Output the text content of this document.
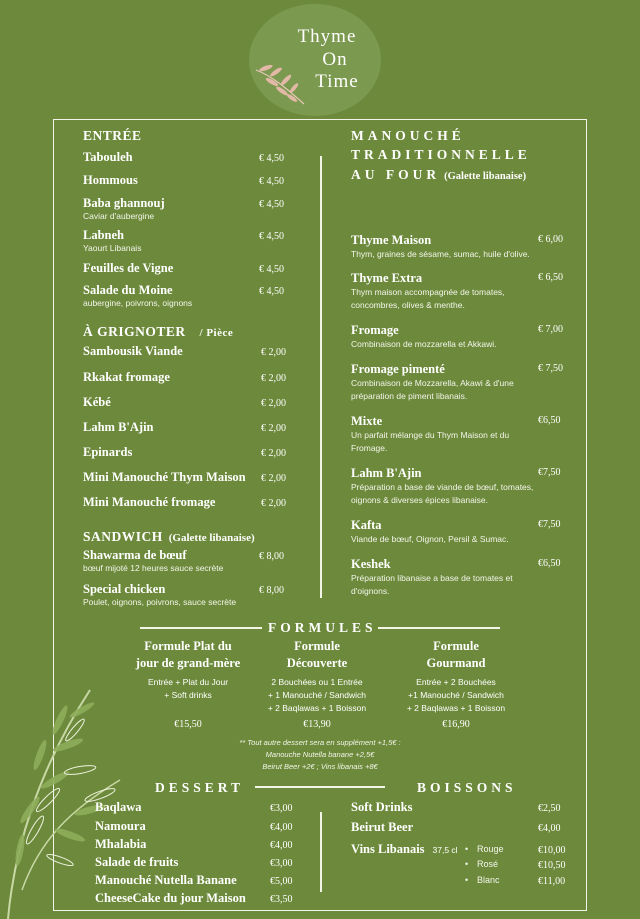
Thyme
On
Time
ENTRÉE
Tabouleh	€ 4,50
Hommous	€ 4,50
Baba ghannouj
Caviar d'aubergine
€ 4,50
Labneh
Yaourt Libanais
€ 4,50
Feuilles de Vigne	€ 4,50
Salade du Moine
aubergine, poivrons, oignons
€ 4,50
À GRIGNOTER / Pièce
Sambousik Viande	€ 2,00
Rkakat fromage	€ 2,00
Kébé	€ 2,00
Lahm B'Ajin	€ 2,00
Epinards	€ 2,00
Mini Manouché Thym Maison € 2,00
Mini Manouché fromage	€ 2,00
SANDWICH (Galette libanaise)
Shawarma de bœuf
bœuf mijoté 12 heures sauce secrète
€ 8,00
Special chicken
Poulet, oignons, poivrons, sauce secrète
€ 8,00
MANOUCHÉ
TRADITIONNELLE
AU FOUR (Galette libanaise)
Thyme Maison
Thym, graines de sésame, sumac, huile d'olive.
€ 6,00
Thyme Extra
Thym maison accompagnée de tomates, concombres, olives & menthe.
€ 6,50
Fromage
Combinaison de mozzarella et Akkawi.
€ 7,00
Fromage pimenté
Combinaison de Mozzarella, Akawi & d'une préparation de piment libanais.
€ 7,50
Mixte
Un parfait mélange du Thym Maison et du Fromage.
€6,50
Lahm B'Ajin
Préparation a base de viande de bœuf, tomates, oignons & diverses épices libanaise.
€7,50
Kafta
Viande de bœuf, Oignon, Persil & Sumac.
€7,50
Keshek
Préparation libanaise a base de tomates et d'oignons.
€6,50
FORMULES
Formule Plat du
jour de grand-mère
Entrée + Plat du Jour
+ Soft drinks
€15,50
Formule
Découverte
2 Bouchées ou 1 Entrée
+ 1 Manouché / Sandwich
+ 2 Baqlawas + 1 Boisson
€13,90
Formule
Gourmand
Entrée + 2 Bouchées
+1 Manouché / Sandwich
+ 2 Baqlawas + 1 Boisson
€16,90
** Tout autre dessert sera en supplément +1,5€ :
Manouche Nutella banane +2,5€
Beirut Beer +2€ ; Vins libanais +8€
DESSERT
Baqlawa	€3,00
Namoura	€4,00
Mhalabia	€4,00
Salade de fruits	€3,00
Manouché Nutella Banane	€5,00
CheeseCake du jour Maison €3,50
BOISSONS
Soft Drinks	€2,50
Beirut Beer	€4,00
Vins Libanais 37,5 cl • Rouge	€10,00
• Rosé	€10,50
• Blanc	€11,00
